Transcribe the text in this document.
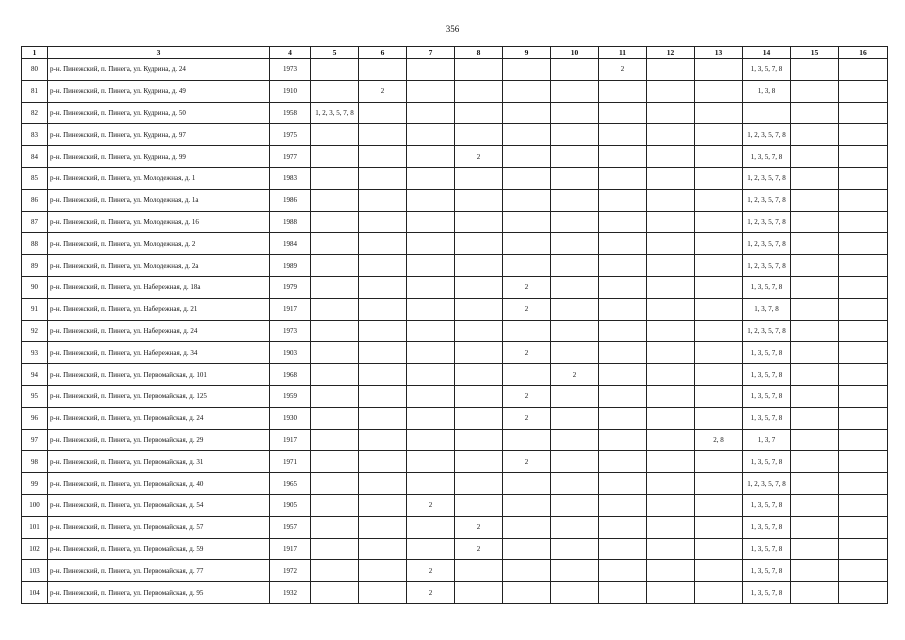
356
1	3	4	5	6	7	8	9	10	11	12	13	14	15	16
80	р-н. Пинежский, п. Пинега, ул. Кудрина, д. 24	1973							2			1, 3, 5, 7, 8		
81	р-н. Пинежский, п. Пинега, ул. Кудрина, д. 49	1910		2								1, 3, 8		
82	р-н. Пинежский, п. Пинега, ул. Кудрина, д. 50	1958	1, 2, 3, 5, 7, 8											
83	р-н. Пинежский, п. Пинега, ул. Кудрина, д. 97	1975										1, 2, 3, 5, 7, 8		
84	р-н. Пинежский, п. Пинега, ул. Кудрина, д. 99	1977				2						1, 3, 5, 7, 8		
85	р-н. Пинежский, п. Пинега, ул. Молодежная, д. 1	1983										1, 2, 3, 5, 7, 8		
86	р-н. Пинежский, п. Пинега, ул. Молодежная, д. 1а	1986										1, 2, 3, 5, 7, 8		
87	р-н. Пинежский, п. Пинега, ул. Молодежная, д. 16	1988										1, 2, 3, 5, 7, 8		
88	р-н. Пинежский, п. Пинега, ул. Молодежная, д. 2	1984										1, 2, 3, 5, 7, 8		
89	р-н. Пинежский, п. Пинега, ул. Молодежная, д. 2а	1989										1, 2, 3, 5, 7, 8		
90	р-н. Пинежский, п. Пинега, ул. Набережная, д. 18а	1979					2					1, 3, 5, 7, 8		
91	р-н. Пинежский, п. Пинега, ул. Набережная, д. 21	1917					2					1, 3, 7, 8		
92	р-н. Пинежский, п. Пинега, ул. Набережная, д. 24	1973										1, 2, 3, 5, 7, 8		
93	р-н. Пинежский, п. Пинега, ул. Набережная, д. 34	1903					2					1, 3, 5, 7, 8		
94	р-н. Пинежский, п. Пинега, ул. Первомайская, д. 101	1968						2				1, 3, 5, 7, 8		
95	р-н. Пинежский, п. Пинега, ул. Первомайская, д. 125	1959					2					1, 3, 5, 7, 8		
96	р-н. Пинежский, п. Пинега, ул. Первомайская, д. 24	1930					2					1, 3, 5, 7, 8		
97	р-н. Пинежский, п. Пинега, ул. Первомайская, д. 29	1917									2, 8	1, 3, 7		
98	р-н. Пинежский, п. Пинега, ул. Первомайская, д. 31	1971					2					1, 3, 5, 7, 8		
99	р-н. Пинежский, п. Пинега, ул. Первомайская, д. 40	1965										1, 2, 3, 5, 7, 8		
100	р-н. Пинежский, п. Пинега, ул. Первомайская, д. 54	1905			2							1, 3, 5, 7, 8		
101	р-н. Пинежский, п. Пинега, ул. Первомайская, д. 57	1957				2						1, 3, 5, 7, 8		
102	р-н. Пинежский, п. Пинега, ул. Первомайская, д. 59	1917				2						1, 3, 5, 7, 8		
103	р-н. Пинежский, п. Пинега, ул. Первомайская, д. 77	1972			2							1, 3, 5, 7, 8		
104	р-н. Пинежский, п. Пинега, ул. Первомайская, д. 95	1932			2							1, 3, 5, 7, 8		
